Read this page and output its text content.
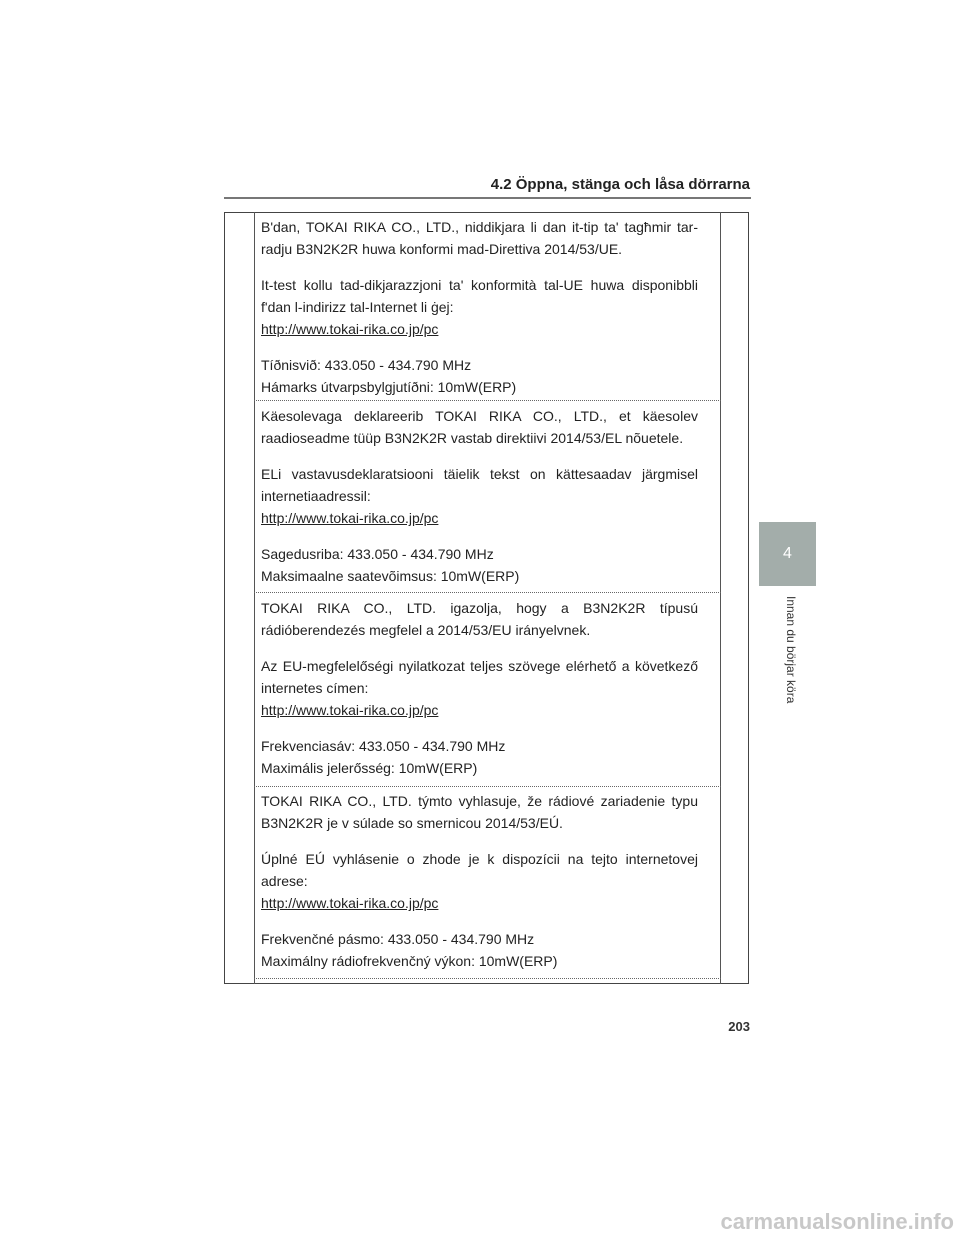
4.2 Öppna, stänga och låsa dörrarna
4
Innan du börjar köra

B'dan, TOKAI RIKA CO., LTD., niddikjara li dan it-tip ta' tagħmir tar-radju B3N2K2R huwa konformi mad-Direttiva 2014/53/UE.

It-test kollu tad-dikjarazzjoni ta' konformità tal-UE huwa disponibbli f'dan l-indirizz tal-Internet li ġej:

http://www.tokai-rika.co.jp/pc

Tíðnisvið: 433.050 - 434.790 MHz

Hámarks útvarpsbylgjutíðni: 10mW(ERP)

Käesolevaga deklareerib TOKAI RIKA CO., LTD., et käesolev raadioseadme tüüp B3N2K2R vastab direktiivi 2014/53/EL nõuetele.

ELi vastavusdeklaratsiooni täielik tekst on kättesaadav järgmisel internetiaadressil:

http://www.tokai-rika.co.jp/pc

Sagedusriba: 433.050 - 434.790 MHz

Maksimaalne saatevõimsus: 10mW(ERP)

TOKAI RIKA CO., LTD. igazolja, hogy a B3N2K2R típusú rádióberendezés megfelel a 2014/53/EU irányelvnek.

Az EU-megfelelőségi nyilatkozat teljes szövege elérhető a következő internetes címen:

http://www.tokai-rika.co.jp/pc

Frekvenciasáv: 433.050 - 434.790 MHz

Maximális jelerősség: 10mW(ERP)

TOKAI RIKA CO., LTD. týmto vyhlasuje, že rádiové zariadenie typu B3N2K2R je v súlade so smernicou 2014/53/EÚ.

Úplné EÚ vyhlásenie o zhode je k dispozícii na tejto internetovej adrese:

http://www.tokai-rika.co.jp/pc

Frekvenčné pásmo: 433.050 - 434.790 MHz

Maximálny rádiofrekvenčný výkon: 10mW(ERP)

203
carmanualsonline.info
